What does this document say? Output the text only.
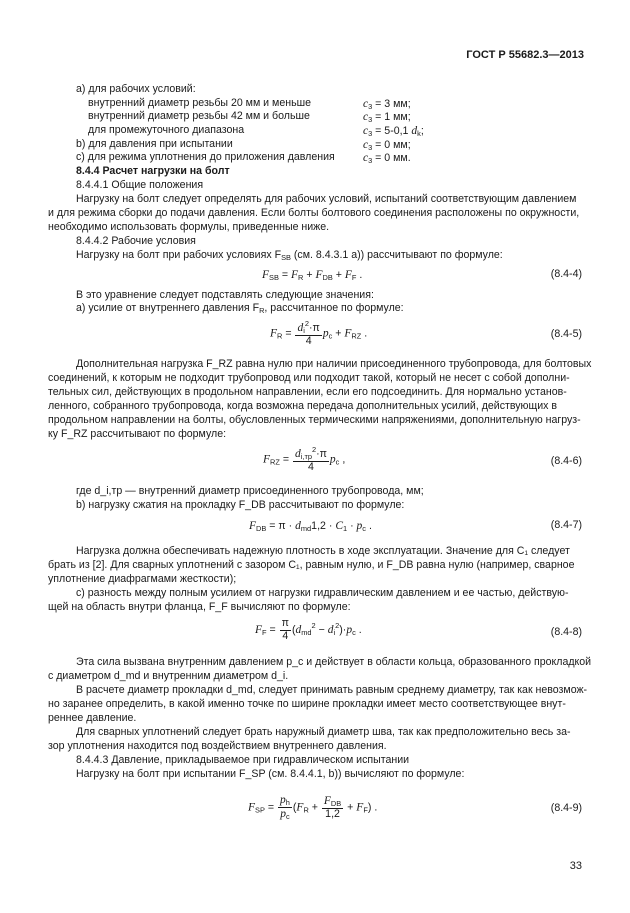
ГОСТ Р 55682.3—2013
a) для рабочих условий:
внутренний диаметр резьбы 20 мм и меньше	$c_3 = 3$ мм;
внутренний диаметр резьбы 42 мм и больше	$c_3 = 1$ мм;
для промежуточного диапазона	$c_3 = 5-0,1$ $d_k$;
b) для давления при испытании	$c_3 = 0$ мм;
c) для режима уплотнения до приложения давления $c_3 = 0$ мм.
8.4.4 Расчет нагрузки на болт
8.4.4.1 Общие положения
Нагрузку на болт следует определять для рабочих условий, испытаний соответствующим давлением
и для режима сборки до подачи давления. Если болты болтового соединения расположены по окружности,
необходимо использовать формулы, приведенные ниже.
8.4.4.2 Рабочие условия
Нагрузку на болт при рабочих условиях $F_{SB}$ (см. 8.4.3.1 а)) рассчитывают по формуле:
$F_{SB} = F_R + F_{DB} + F_F$ .	(8.4-4)
В это уравнение следует подставлять следующие значения:
а) усилие от внутреннего давления $F_R$, рассчитанное по формуле:
$F_R = \frac{d_i^2\cdot\pi}{4} p_c + F_{RZ}$ .	(8.4-5)
Дополнительная нагрузка F_RZ равна нулю при наличии присоединенного трубопровода, для болтовых
соединений, к которым не подходит трубопровод или подходит такой, который не несет с собой дополни-
тельных сил, действующих в продольном направлении, если его подсоединить. Для нормально установ-
ленного, собранного трубопровода, когда возможна передача дополнительных усилий, действующих в
продольном направлении на болты, обусловленных термическими напряжениями, дополнительную нагруз-
ку F_RZ рассчитывают по формуле:
$F_{RZ} = \frac{d_{i,тр}^2\cdot\pi}{4} p_c$ ,	(8.4-6)
где d_i,тр — внутренний диаметр присоединенного трубопровода, мм;
b) нагрузку сжатия на прокладку F_DB рассчитывают по формуле:
$F_{DB} = \pi \cdot d_{md}1,2 \cdot C_1 \cdot p_c$ .	(8.4-7)
Нагрузка должна обеспечивать надежную плотность в ходе эксплуатации. Значение для C₁ следует
брать из [2]. Для сварных уплотнений с зазором C₁, равным нулю, и F_DB равна нулю (например, сварное
уплотнение диафрагмами жесткости);
c) разность между полным усилием от нагрузки гидравлическим давлением и ее частью, действую-
щей на область внутри фланца, F_F вычисляют по формуле:
$F_F = \frac{\pi}{4} (d_{md}^2 - d_i^2)\cdot p_c$ .	(8.4-8)
Эта сила вызвана внутренним давлением p_c и действует в области кольца, образованного прокладкой
с диаметром d_md и внутренним диаметром d_i.
В расчете диаметр прокладки d_md, следует принимать равным среднему диаметру, так как невозмож-
но заранее определить, в какой именно точке по ширине прокладки имеет место соответствующее внут-
реннее давление.
Для сварных уплотнений следует брать наружный диаметр шва, так как предположительно весь за-
зор уплотнения находится под воздействием внутреннего давления.
8.4.4.3 Давление, прикладываемое при гидравлическом испытании
Нагрузку на болт при испытании F_SP (см. 8.4.4.1, b)) вычисляют по формуле:
$F_{SP} = \frac{p_h}{p_c} (F_R + \frac{F_{DB}}{1,2} + F_F)$ .	(8.4-9)
33
